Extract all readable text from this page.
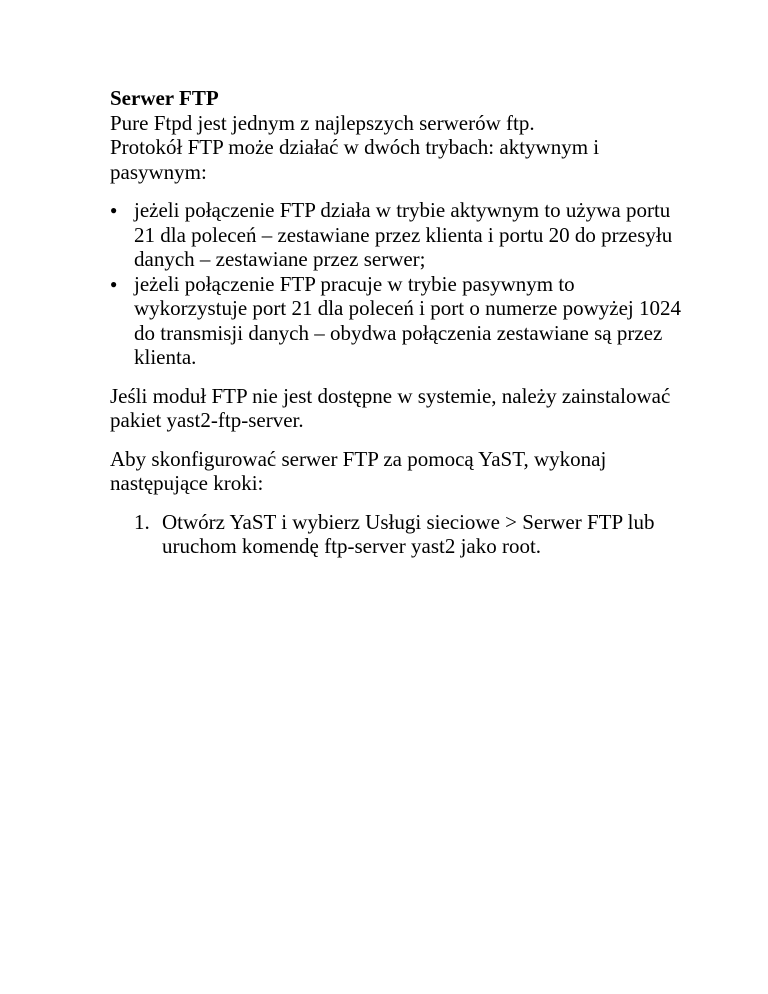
Serwer FTP

Pure Ftpd jest jednym z najlepszych serwerów ftp.

Protokół FTP może działać w dwóch trybach: aktywnym i pasywnym:

● jeżeli połączenie FTP działa w trybie aktywnym to używa portu 21 dla poleceń – zestawiane przez klienta i portu 20 do przesyłu danych – zestawiane przez serwer;
● jeżeli połączenie FTP pracuje w trybie pasywnym to wykorzystuje port 21 dla poleceń i port o numerze powyżej 1024 do transmisji danych – obydwa połączenia zestawiane są przez klienta.

Jeśli moduł FTP nie jest dostępne w systemie, należy zainstalować pakiet yast2-ftp-server.

Aby skonfigurować serwer FTP za pomocą YaST, wykonaj następujące kroki:

1. Otwórz YaST i wybierz Usługi sieciowe > Serwer FTP lub uruchom komendę ftp-server yast2 jako root.
